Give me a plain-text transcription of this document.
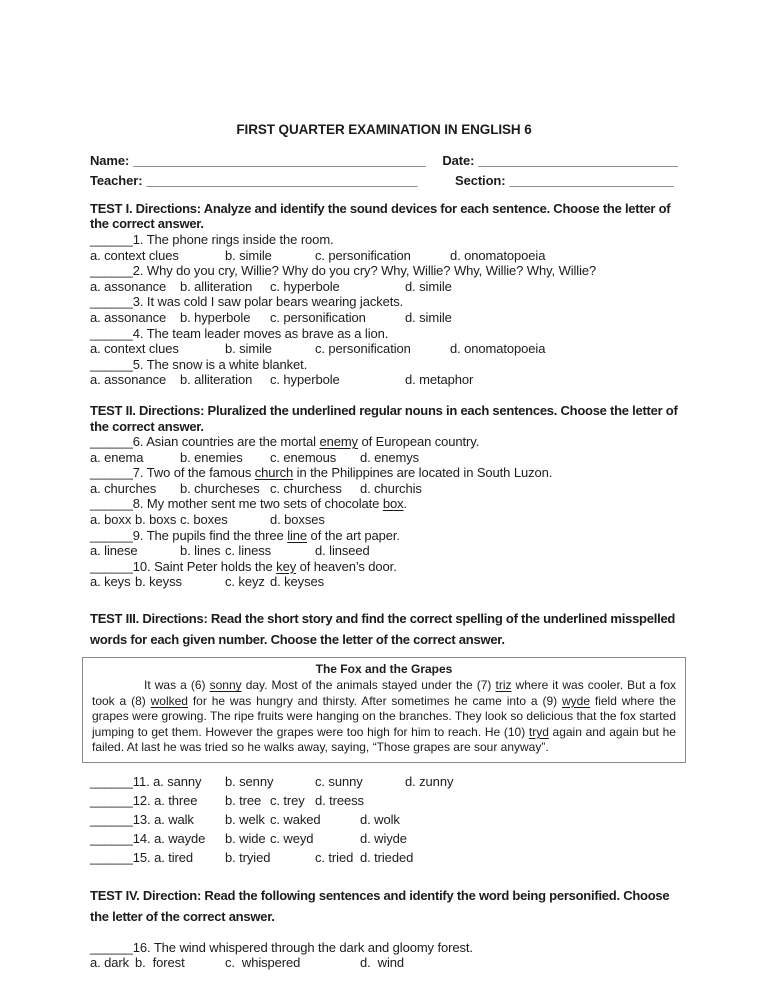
FIRST QUARTER EXAMINATION IN ENGLISH 6

Name: _________________________________________	Date: ____________________________
Teacher: ______________________________________	Section: _______________________

TEST I. Directions: Analyze and identify the sound devices for each sentence. Choose the letter of the correct answer.

______1. The phone rings inside the room.
a. context clues	b. simile	c. personification	d. onomatopoeia
______2. Why do you cry, Willie? Why do you cry? Why, Willie? Why, Willie? Why, Willie?
a. assonance	b. alliteration	c. hyperbole		d. simile
______3. It was cold I saw polar bears wearing jackets.
a. assonance	b. hyperbole	c. personification	d. simile
______4. The team leader moves as brave as a lion.
a. context clues	b. simile	c. personification	d. onomatopoeia
______5. The snow is a white blanket.
a. assonance	b. alliteration	c. hyperbole		d. metaphor

TEST II. Directions: Pluralized the underlined regular nouns in each sentences. Choose the letter of the correct answer.

______6. Asian countries are the mortal enemy of European country.
a. enema	b. enemies	c. enemous	d. enemys
______7. Two of the famous church in the Philippines are located in South Luzon.
a. churches	b. churcheses	c. churchess	d. churchis
______8. My mother sent me two sets of chocolate box.
a. boxx	b. boxs	c. boxes	d. boxses
______9. The pupils find the three line of the art paper.
a. linese	b. lines	c. liness	d. linseed
______10. Saint Peter holds the key of heaven’s door.
a. keys	b. keyss	c. keyz	d. keyses

TEST III. Directions: Read the short story and find the correct spelling of the underlined misspelled words for each given number. Choose the letter of the correct answer.

The Fox and the Grapes

It was a (6) sonny day. Most of the animals stayed under the (7) triz where it was cooler. But a fox took a (8) wolked for he was hungry and thirsty. After sometimes he came into a (9) wyde field where the grapes were growing. The ripe fruits were hanging on the branches. They look so delicious that the fox started jumping to get them. However the grapes were too high for him to reach. He (10) tryd again and again but he failed. At last he was tried so he walks away, saying, “Those grapes are sour anyway”.

______11. a. sanny	b. senny	c. sunny	d. zunny
______12. a. three	b. tree	c. trey	d. treess
______13. a. walk	b. welk	c. waked	d. wolk
______14. a. wayde	b. wide	c. weyd	d. wiyde
______15. a. tired	b. tryied	c. tried	d. trieded

TEST IV. Direction: Read the following sentences and identify the word being personified. Choose the letter of the correct answer.

______16. The wind whispered through the dark and gloomy forest.
a. dark	b.  forest	c.  whispered		d.  wind
